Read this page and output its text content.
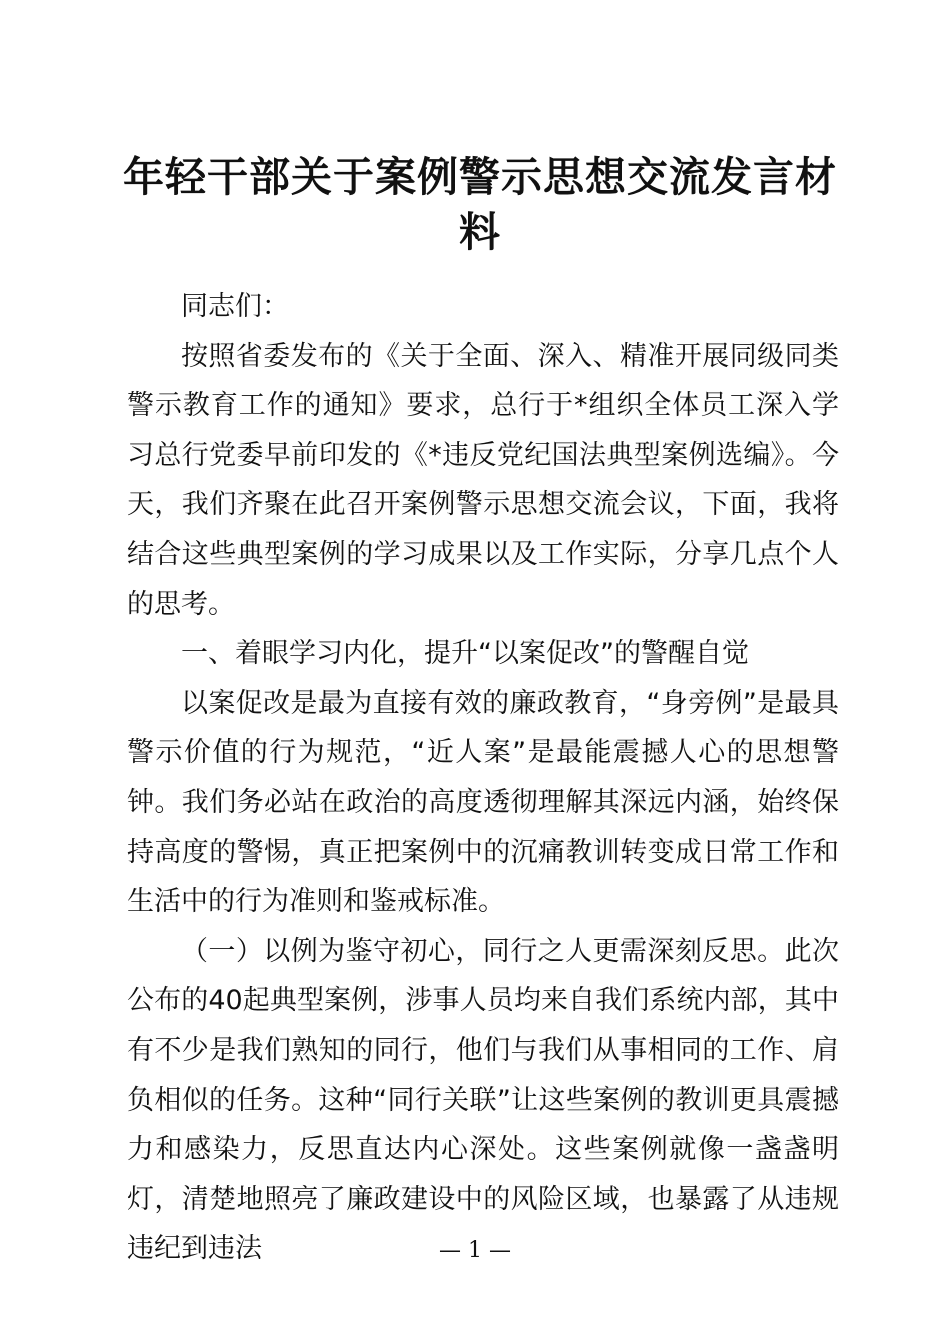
年轻干部关于案例警示思想交流发言材料

同志们：

按照省委发布的《关于全面、深入、精准开展同级同类警示教育工作的通知》要求，总行于*组织全体员工深入学习总行党委早前印发的《*违反党纪国法典型案例选编》。今天，我们齐聚在此召开案例警示思想交流会议，下面，我将结合这些典型案例的学习成果以及工作实际，分享几点个人的思考。

一、着眼学习内化，提升“以案促改”的警醒自觉

以案促改是最为直接有效的廉政教育，“身旁例”是最具警示价值的行为规范，“近人案”是最能震撼人心的思想警钟。我们务必站在政治的高度透彻理解其深远内涵，始终保持高度的警惕，真正把案例中的沉痛教训转变成日常工作和生活中的行为准则和鉴戒标准。

（一）以例为鉴守初心，同行之人更需深刻反思。此次公布的40起典型案例，涉事人员均来自我们系统内部，其中有不少是我们熟知的同行，他们与我们从事相同的工作、肩负相似的任务。这种“同行关联”让这些案例的教训更具震撼力和感染力，反思直达内心深处。这些案例就像一盏盏明灯，清楚地照亮了廉政建设中的风险区域，也暴露了从违规违纪到违法	— 1 —
